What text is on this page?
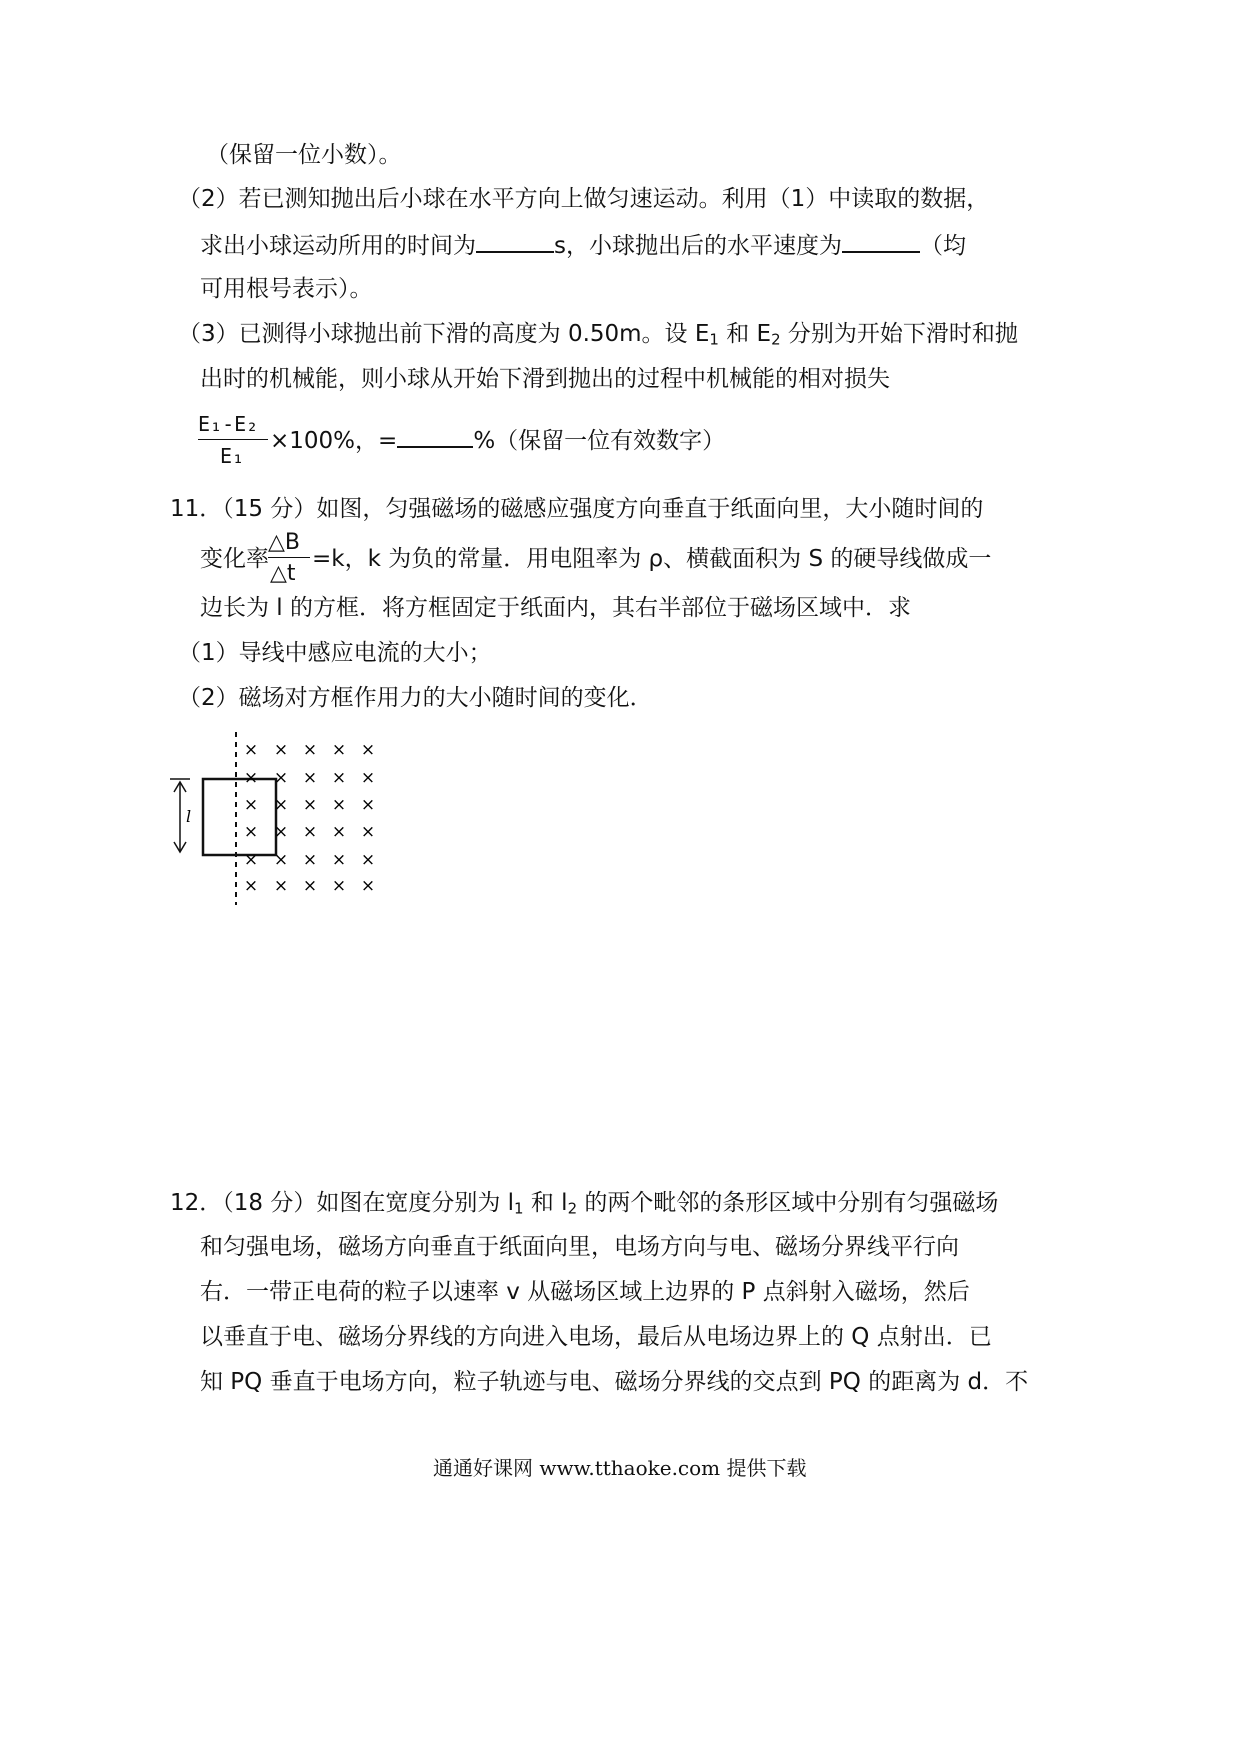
（保留一位小数）。
（2）若已测知抛出后小球在水平方向上做匀速运动。利用（1）中读取的数据，
求出小球运动所用的时间为	s，小球抛出后的水平速度为	（均
可用根号表示）。
（3）已测得小球抛出前下滑的高度为 0.50m。设 $E_1$ 和 $E_2$ 分别为开始下滑时和抛
出时的机械能，则小球从开始下滑到抛出的过程中机械能的相对损失
E₁-E₂
E₁
×100%，=	%（保留一位有效数字）
11．（15 分）如图，匀强磁场的磁感应强度方向垂直于纸面向里，大小随时间的
变化率
△B
△t
=k，k 为负的常量．用电阻率为 ρ、横截面积为 S 的硬导线做成一
边长为 l 的方框．将方框固定于纸面内，其右半部位于磁场区域中．求
（1）导线中感应电流的大小；
（2）磁场对方框作用力的大小随时间的变化．
l
× × × × ×
× × × × ×
× × × × ×
× × × × ×
× × × × ×
× × × × ×
12．（18 分）如图在宽度分别为 $l_1$ 和 $l_2$ 的两个毗邻的条形区域中分别有匀强磁场
和匀强电场，磁场方向垂直于纸面向里，电场方向与电、磁场分界线平行向
右．一带正电荷的粒子以速率 v 从磁场区域上边界的 P 点斜射入磁场，然后
以垂直于电、磁场分界线的方向进入电场，最后从电场边界上的 Q 点射出．已
知 PQ 垂直于电场方向，粒子轨迹与电、磁场分界线的交点到 PQ 的距离为 d．不
通通好课网 www.tthaoke.com 提供下载
